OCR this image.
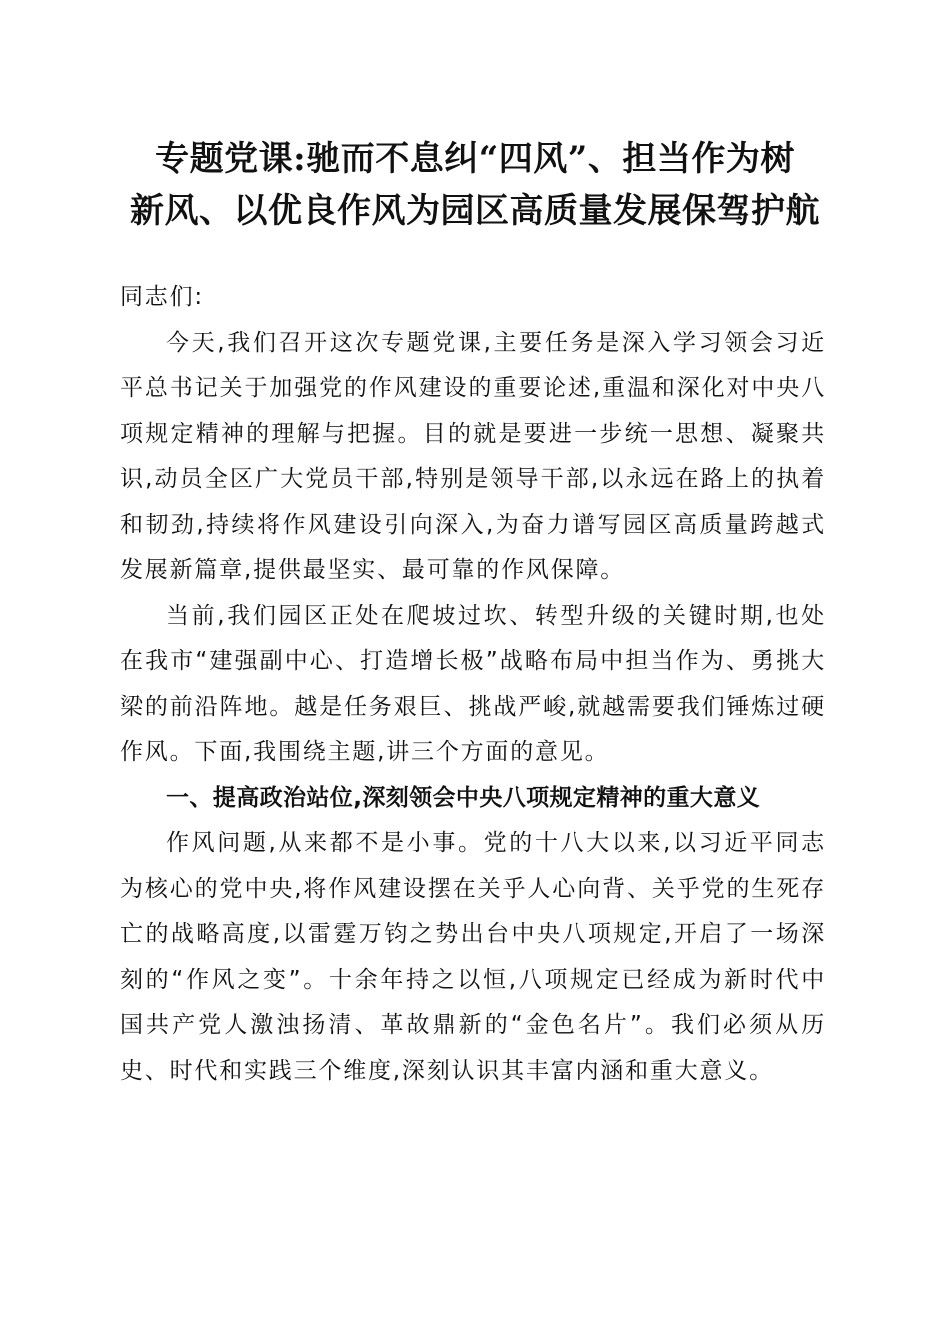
专题党课:驰而不息纠“四风”、担当作为树
新风、以优良作风为园区高质量发展保驾护航

同志们:

今天,我们召开这次专题党课,主要任务是深入学习领会习近平总书记关于加强党的作风建设的重要论述,重温和深化对中央八项规定精神的理解与把握。目的就是要进一步统一思想、凝聚共识,动员全区广大党员干部,特别是领导干部,以永远在路上的执着和韧劲,持续将作风建设引向深入,为奋力谱写园区高质量跨越式发展新篇章,提供最坚实、最可靠的作风保障。

当前,我们园区正处在爬坡过坎、转型升级的关键时期,也处在我市“建强副中心、打造增长极”战略布局中担当作为、勇挑大梁的前沿阵地。越是任务艰巨、挑战严峻,就越需要我们锤炼过硬作风。下面,我围绕主题,讲三个方面的意见。

一、提高政治站位,深刻领会中央八项规定精神的重大意义

作风问题,从来都不是小事。党的十八大以来,以习近平同志为核心的党中央,将作风建设摆在关乎人心向背、关乎党的生死存亡的战略高度,以雷霆万钧之势出台中央八项规定,开启了一场深刻的“作风之变”。十余年持之以恒,八项规定已经成为新时代中国共产党人激浊扬清、革故鼎新的“金色名片”。我们必须从历史、时代和实践三个维度,深刻认识其丰富内涵和重大意义。
